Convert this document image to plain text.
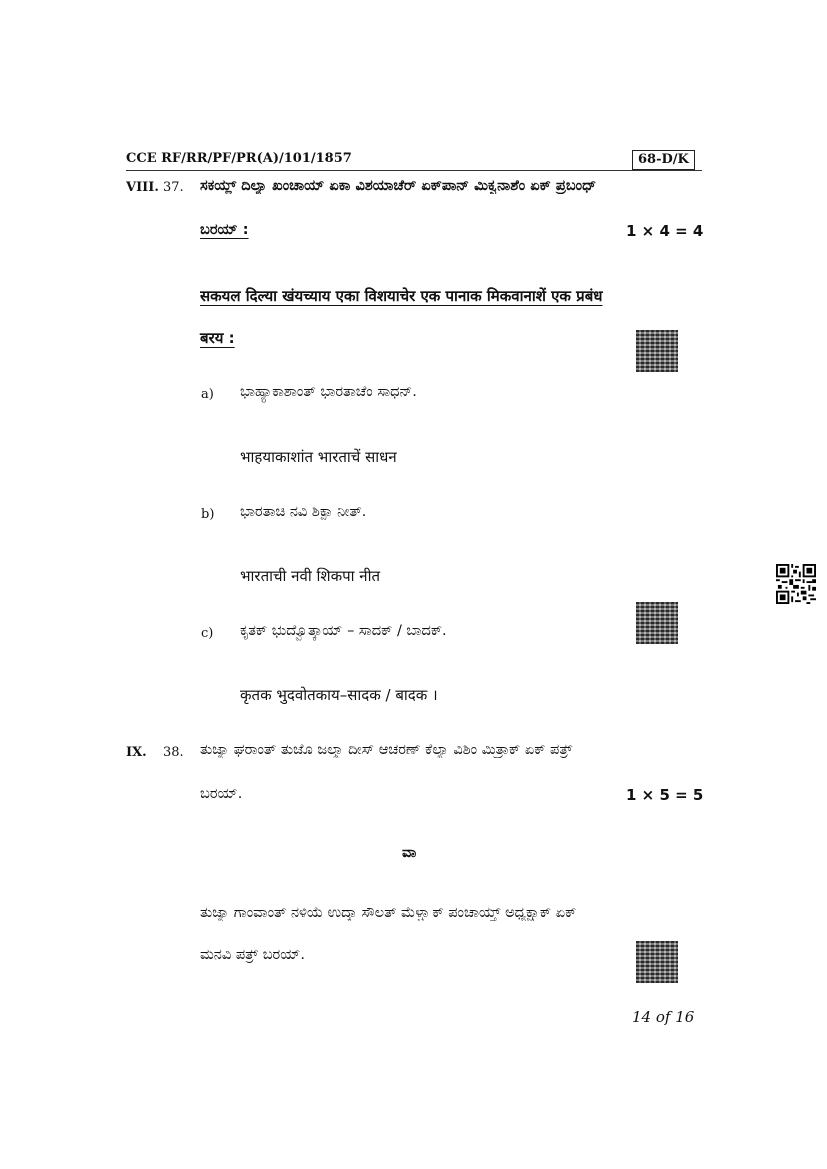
CCE RF/RR/PF/PR(A)/101/1857	68-D/K
VIII. 37. ಸಕಯ್ಲ್ ದಿಲ್ಯಾ ಖಂಚಾಯ್ ಏಕಾ ವಿಶಯಾಚೆರ್ ಏಕ್‌ಪಾನ್ ಮಿಕ್ವನಾಶೆಂ ಏಕ್ ಪ್ರಬಂಧ್
ಬರಯ್ :	1 × 4 = 4
सकयल दिल्या खंयच्याय एका विशयाचेर एक पानाक मिकवानाशें एक प्रबंध
बरय :
a) ಭಾಹ್ಯಾಕಾಶಾಂತ್ ಭಾರತಾಚೆಂ ಸಾಧನ್.
भाहयाकाशांत भारताचें साधन
b) ಭಾರತಾಚಿ ನವಿ ಶಿಕ್ಪಾ ನೀತ್.
भारताची नवी शिकपा नीत
c) ಕೃತಕ್ ಭುದ್ವೊತ್ಕಾಯ್ – ಸಾದಕ್ / ಬಾದಕ್.
कृतक भुदवोतकाय–सादक / बादक ।
IX. 38. ತುಜ್ಯಾ ಘರಾಂತ್ ತುಜೊ ಜಲ್ಮಾ ದೀಸ್ ಆಚರಣ್ ಕೆಲ್ಯಾ ವಿಶಿಂ ಮಿತ್ರಾಕ್ ಏಕ್ ಪತ್ರ್
ಬರಯ್.	1 × 5 = 5
ವಾ
ತುಜ್ಯಾ ಗಾಂವಾಂತ್ ನಳಿಯೆ ಉದ್ಕಾ ಸೌಲತ್ ಮೆಳ್ಚ್ಯಾಕ್ ಪಂಚಾಯ್ತ್ ಅಧ್ಯಕ್ಷಾಕ್ ಏಕ್
ಮನವಿ ಪತ್ರ್ ಬರಯ್.
14 of 16
